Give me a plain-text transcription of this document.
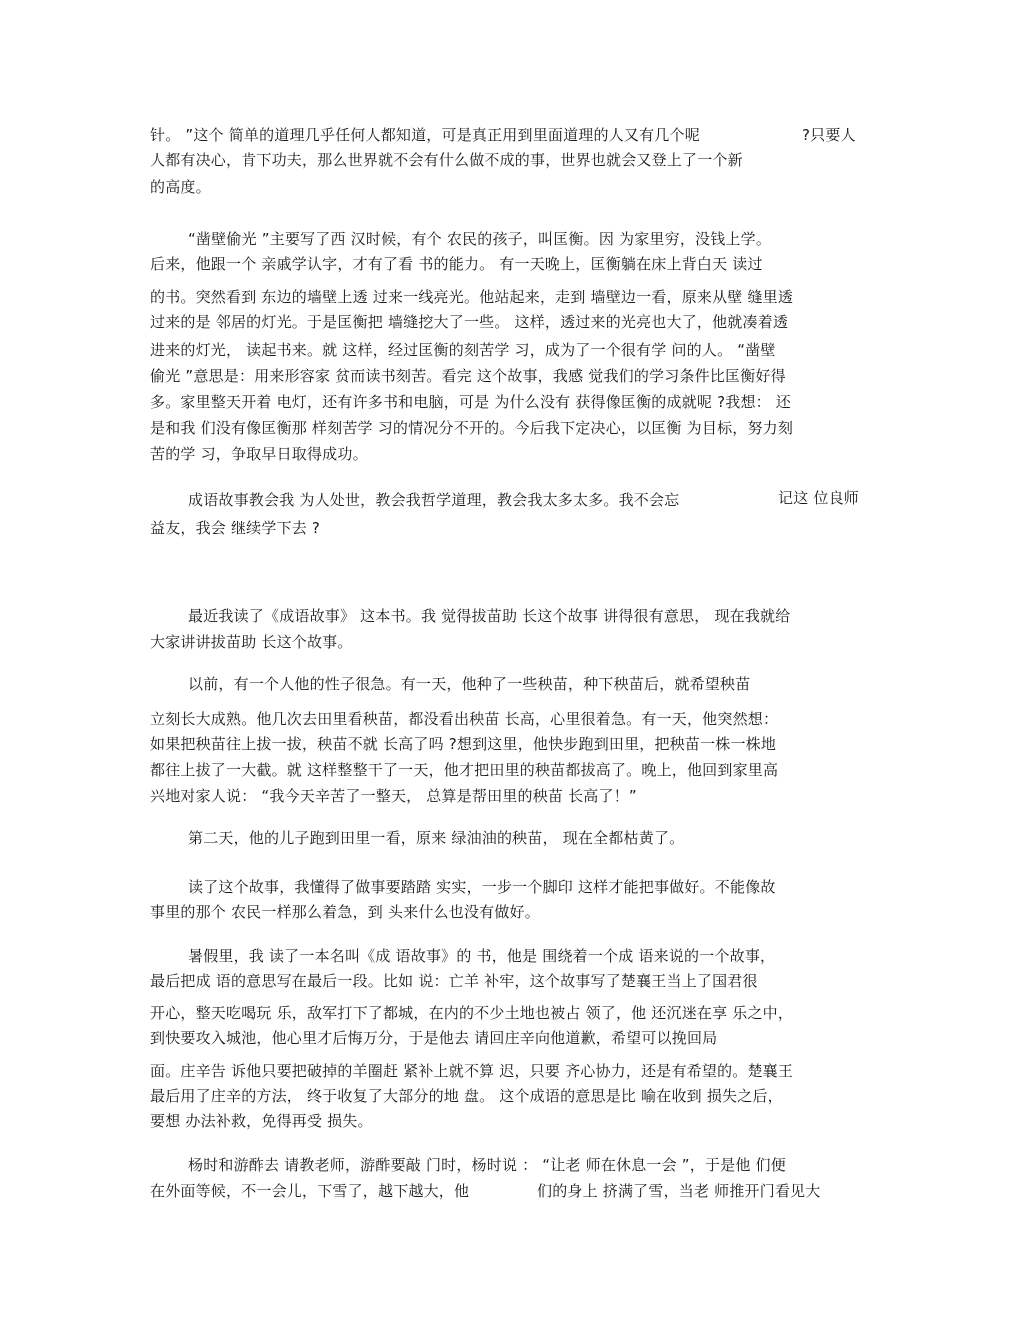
针。 ”这个 简单的道理几乎任何人都知道，可是真正用到里面道理的人又有几个呢	?只要人
人都有决心，肯下功夫，那么世界就不会有什么做不成的事，世界也就会又登上了一个新
的高度。
“凿壁偷光 ”主要写了西 汉时候，有个 农民的孩子，叫匡衡。因 为家里穷，没钱上学。
后来，他跟一个 亲戚学认字，才有了看 书的能力。 有一天晚上，匡衡躺在床上背白天 读过
的书。突然看到 东边的墙壁上透 过来一线亮光。他站起来，走到 墙壁边一看，原来从壁 缝里透
过来的是 邻居的灯光。于是匡衡把 墙缝挖大了一些。 这样，透过来的光亮也大了，他就凑着透
进来的灯光， 读起书来。就 这样，经过匡衡的刻苦学 习，成为了一个很有学 问的人。 “凿壁
偷光 ”意思是：用来形容家 贫而读书刻苦。看完 这个故事，我感 觉我们的学习条件比匡衡好得
多。家里整天开着 电灯，还有许多书和电脑，可是 为什么没有 获得像匡衡的成就呢 ?我想： 还
是和我 们没有像匡衡那 样刻苦学 习的情况分不开的。今后我下定决心，以匡衡 为目标，努力刻
苦的学 习，争取早日取得成功。
成语故事教会我 为人处世，教会我哲学道理，教会我太多太多。我不会忘	记这 位良师
益友，我会 继续学下去 ?
最近我读了《成语故事》 这本书。我 觉得拔苗助 长这个故事 讲得很有意思， 现在我就给
大家讲讲拔苗助 长这个故事。
以前，有一个人他的性子很急。有一天，他种了一些秧苗，种下秧苗后，就希望秧苗
立刻长大成熟。他几次去田里看秧苗，都没看出秧苗 长高，心里很着急。有一天，他突然想：
如果把秧苗往上拔一拔，秧苗不就 长高了吗 ?想到这里，他快步跑到田里，把秧苗一株一株地
都往上拔了一大截。就 这样整整干了一天，他才把田里的秧苗都拔高了。晚上，他回到家里高
兴地对家人说： “我今天辛苦了一整天， 总算是帮田里的秧苗 长高了！”
第二天，他的儿子跑到田里一看，原来 绿油油的秧苗， 现在全都枯黄了。
读了这个故事，我懂得了做事要踏踏 实实，一步一个脚印 这样才能把事做好。不能像故
事里的那个 农民一样那么着急，到 头来什么也没有做好。
暑假里，我 读了一本名叫《成 语故事》的 书，他是 围绕着一个成 语来说的一个故事，
最后把成 语的意思写在最后一段。比如 说：亡羊 补牢，这个故事写了楚襄王当上了国君很
开心，整天吃喝玩 乐，敌军打下了都城，在内的不少土地也被占 领了，他 还沉迷在享 乐之中，
到快要攻入城池，他心里才后悔万分，于是他去 请回庄辛向他道歉，希望可以挽回局
面。庄辛告 诉他只要把破掉的羊圈赶 紧补上就不算 迟，只要 齐心协力，还是有希望的。楚襄王
最后用了庄辛的方法， 终于收复了大部分的地 盘。 这个成语的意思是比 喻在收到 损失之后，
要想 办法补救，免得再受 损失。
杨时和游酢去 请教老师，游酢要敲 门时，杨时说 ： “让老 师在休息一会 ”，于是他 们便
在外面等候，不一会儿，下雪了，越下越大，他	们的身上 挤满了雪，当老 师推开门看见大
